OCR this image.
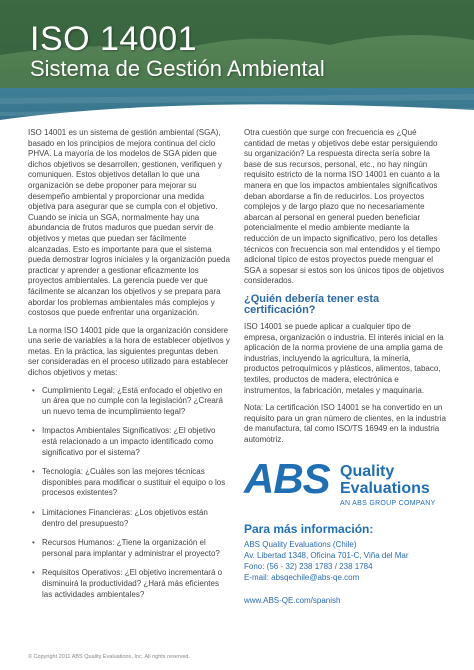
ISO 14001
Sistema de Gestión Ambiental

ISO 14001 es un sistema de gestión ambiental (SGA), basado en los principios de mejora continua del ciclo PHVA. La mayoría de los modelos de SGA piden que dichos objetivos se desarrollen, gestionen, verifiquen y comuniquen. Estos objetivos detallan lo que una organización se debe proponer para mejorar su desempeño ambiental y proporcionar una medida objetiva para asegurar que se cumpla con el objetivo. Cuando se inicia un SGA, normalmente hay una abundancia de frutos maduros que puedan servir de objetivos y metas que puedan ser fácilmente alcanzadas. Esto es importante para que el sistema pueda demostrar logros iniciales y la organización pueda practicar y aprender a gestionar eficazmente los proyectos ambientales. La gerencia puede ver que fácilmente se alcanzan los objetivos y se prepara para abordar los problemas ambientales más complejos y costosos que puede enfrentar una organización.

La norma ISO 14001 pide que la organización considere una serie de variables a la hora de establecer objetivos y metas. En la práctica, las siguientes preguntas deben ser consideradas en el proceso utilizado para establecer dichos objetivos y metas:

• Cumplimiento Legal: ¿Está enfocado el objetivo en un área que no cumple con la legislación? ¿Creará un nuevo tema de incumplimiento legal?
• Impactos Ambientales Significativos: ¿El objetivo está relacionado a un impacto identificado como significativo por el sistema?
• Tecnología: ¿Cuáles son las mejores técnicas disponibles para modificar o sustituir el equipo o los procesos existentes?
• Limitaciones Financieras: ¿Los objetivos están dentro del presupuesto?
• Recursos Humanos: ¿Tiene la organización el personal para implantar y administrar el proyecto?
• Requisitos Operativos: ¿El objetivo incrementará o disminuirá la productividad? ¿Hará más eficientes las actividades ambientales?

Otra cuestión que surge con frecuencia es ¿Qué cantidad de metas y objetivos debe estar persiguiendo su organización? La respuesta directa sería sobre la base de sus recursos, personal, etc., no hay ningún requisito estricto de la norma ISO 14001 en cuanto a la manera en que los impactos ambientales significativos deban abordarse a fin de reducirlos. Los proyectos complejos y de largo plazo que no necesariamente abarcan al personal en general pueden beneficiar potencialmente el medio ambiente mediante la reducción de un impacto significativo, pero los detalles técnicos con frecuencia son mal entendidos y el tiempo adicional típico de estos proyectos puede menguar el SGA a sopesar si estos son los únicos tipos de objetivos considerados.

¿Quién debería tener esta certificación?

ISO 14001 se puede aplicar a cualquier tipo de empresa, organización o industria. El interés inicial en la aplicación de la norma proviene de una amplia gama de industrias, incluyendo la agricultura, la minería, productos petroquímicos y plásticos, alimentos, tabaco, textiles, productos de madera, electrónica e instrumentos, la fabricación, metales y maquinaria.

Nota: La certificación ISO 14001 se ha convertido en un requisito para un gran número de clientes, en la industria de manufactura, tal como ISO/TS 16949 en la industria automotriz.

ABS Quality
Evaluations
AN ABS GROUP COMPANY
Para más información:
ABS Quality Evaluations (Chile)
Av. Libertad 1348, Oficina 701-C, Viña del Mar
Fono: (56 - 32) 238 1783 / 238 1784
E-mail: absqechile@abs-qe.com
www.ABS-QE.com/spanish
© Copyright 2011 ABS Quality Evaluations, Inc. All rights reserved.
